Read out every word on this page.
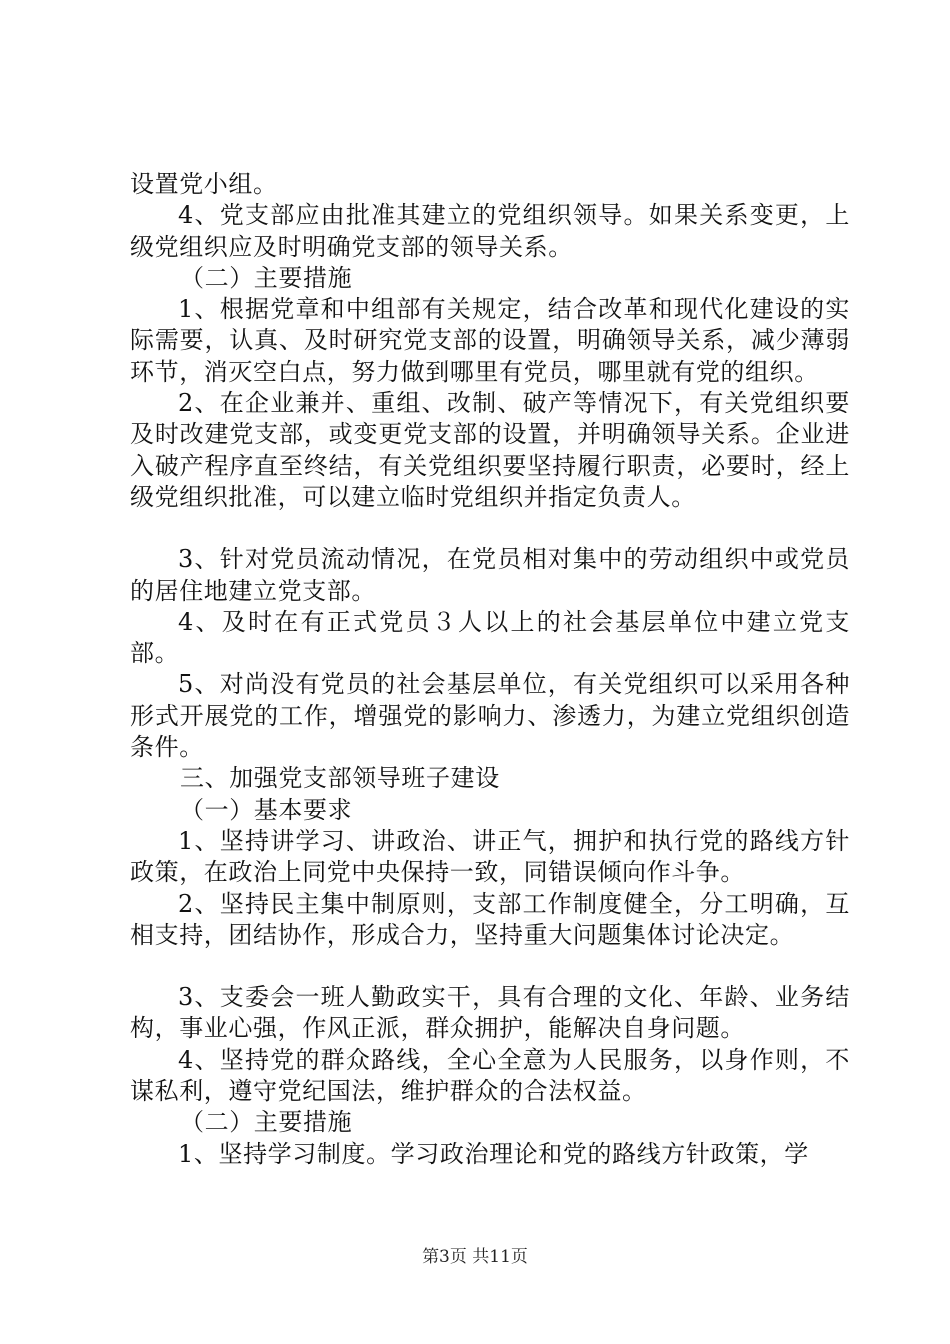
设置党小组。

4、党支部应由批准其建立的党组织领导。如果关系变更，上级党组织应及时明确党支部的领导关系。

（二）主要措施

1、根据党章和中组部有关规定，结合改革和现代化建设的实际需要，认真、及时研究党支部的设置，明确领导关系，减少薄弱环节，消灭空白点，努力做到哪里有党员，哪里就有党的组织。

2、在企业兼并、重组、改制、破产等情况下，有关党组织要及时改建党支部，或变更党支部的设置，并明确领导关系。企业进入破产程序直至终结，有关党组织要坚持履行职责，必要时，经上级党组织批准，可以建立临时党组织并指定负责人。

3、针对党员流动情况，在党员相对集中的劳动组织中或党员的居住地建立党支部。

4、及时在有正式党员３人以上的社会基层单位中建立党支部。

5、对尚没有党员的社会基层单位，有关党组织可以采用各种形式开展党的工作，增强党的影响力、渗透力，为建立党组织创造条件。

三、加强党支部领导班子建设

（一）基本要求

1、坚持讲学习、讲政治、讲正气，拥护和执行党的路线方针政策，在政治上同党中央保持一致，同错误倾向作斗争。

2、坚持民主集中制原则，支部工作制度健全，分工明确，互相支持，团结协作，形成合力，坚持重大问题集体讨论决定。

3、支委会一班人勤政实干，具有合理的文化、年龄、业务结构，事业心强，作风正派，群众拥护，能解决自身问题。

4、坚持党的群众路线，全心全意为人民服务，以身作则，不谋私利，遵守党纪国法，维护群众的合法权益。

（二）主要措施

1、坚持学习制度。学习政治理论和党的路线方针政策，学

第3页 共11页
